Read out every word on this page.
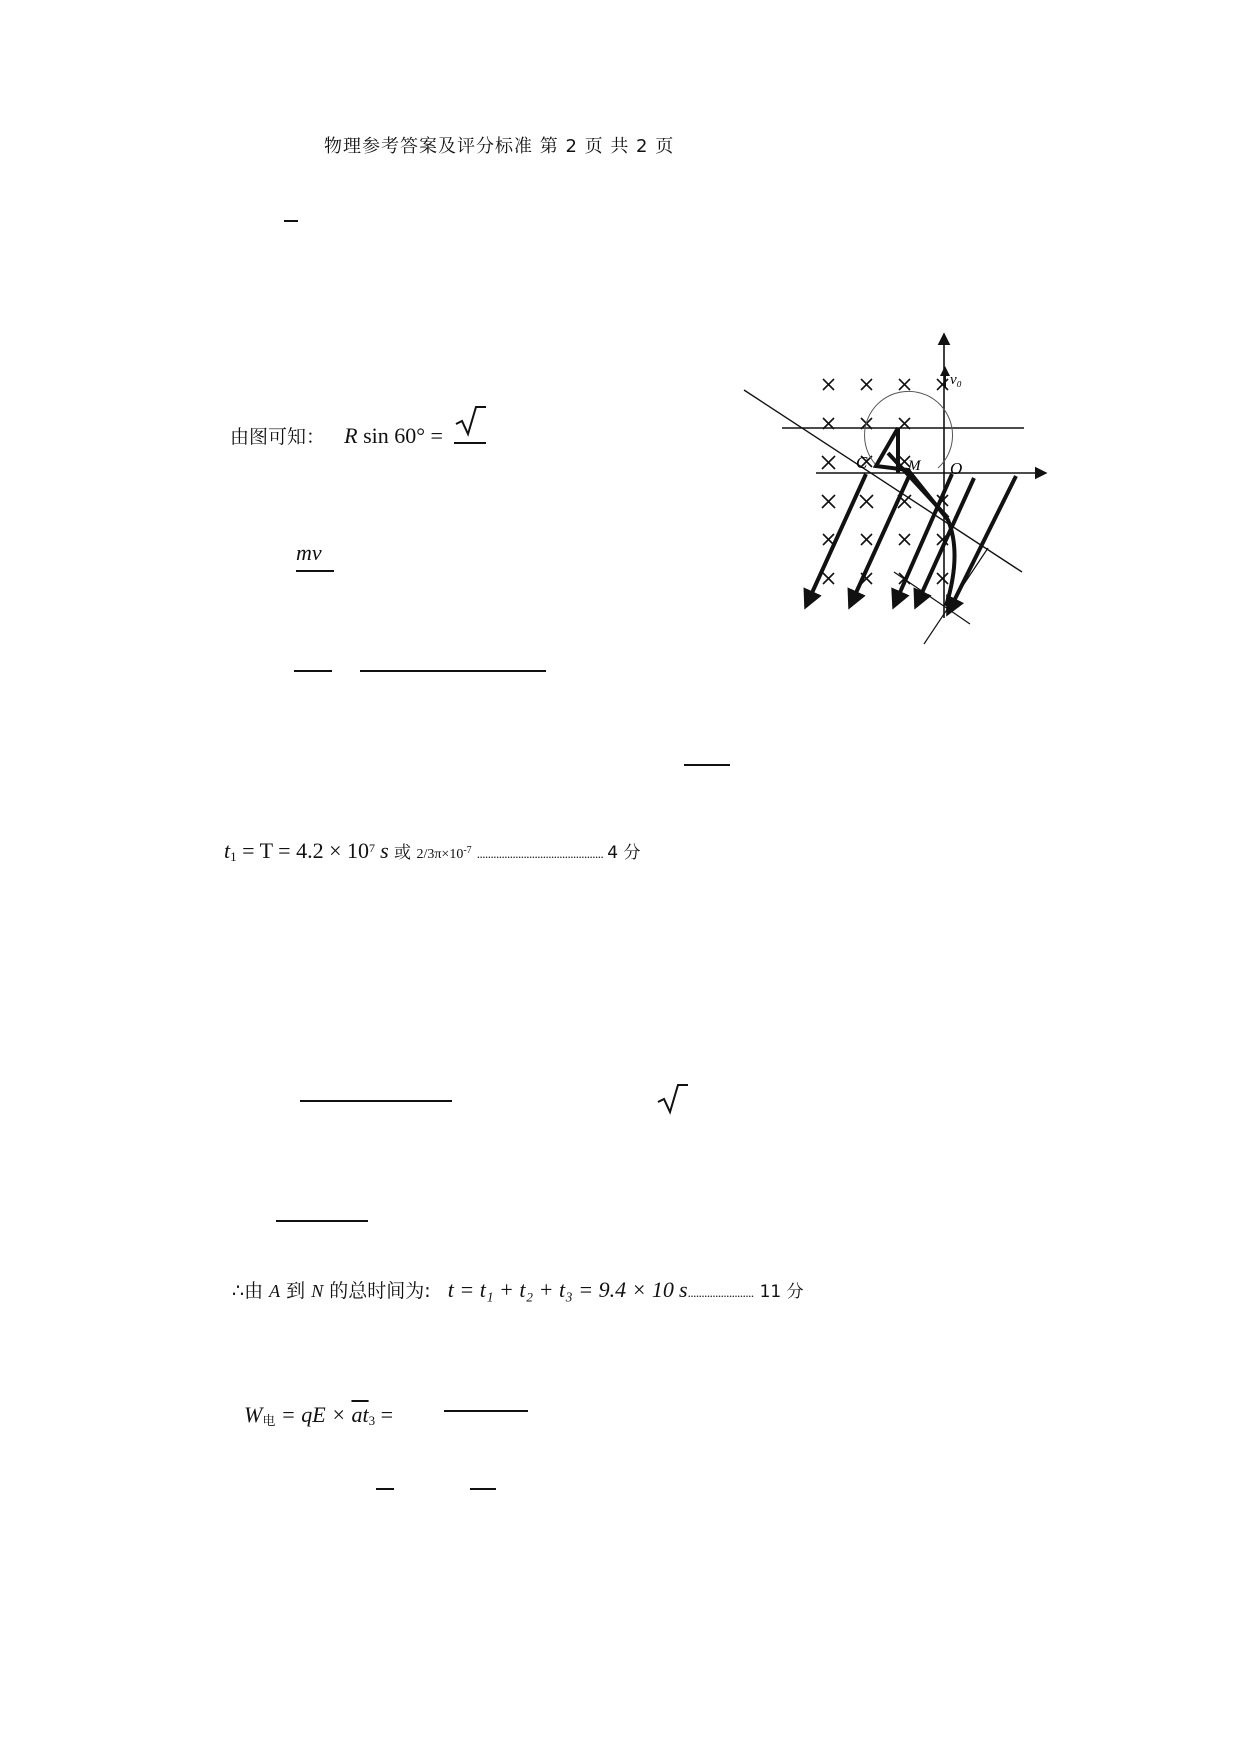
物理参考答案及评分标准 第 2 页 共 2 页
由图可知： R sin 60° =
mv
$t1 = T = 4.2 \times 10^7$ s 或 $2/3\pi\times 10^{-7}$ .............................................. 4 分
∴由 A 到 N 的总时间为: t = t₁ + t₂ + t₃ = 9.4 × 10 s........................ 11 分
W电 = qE × $\overline{at}3$ =
v₀
C	M O
